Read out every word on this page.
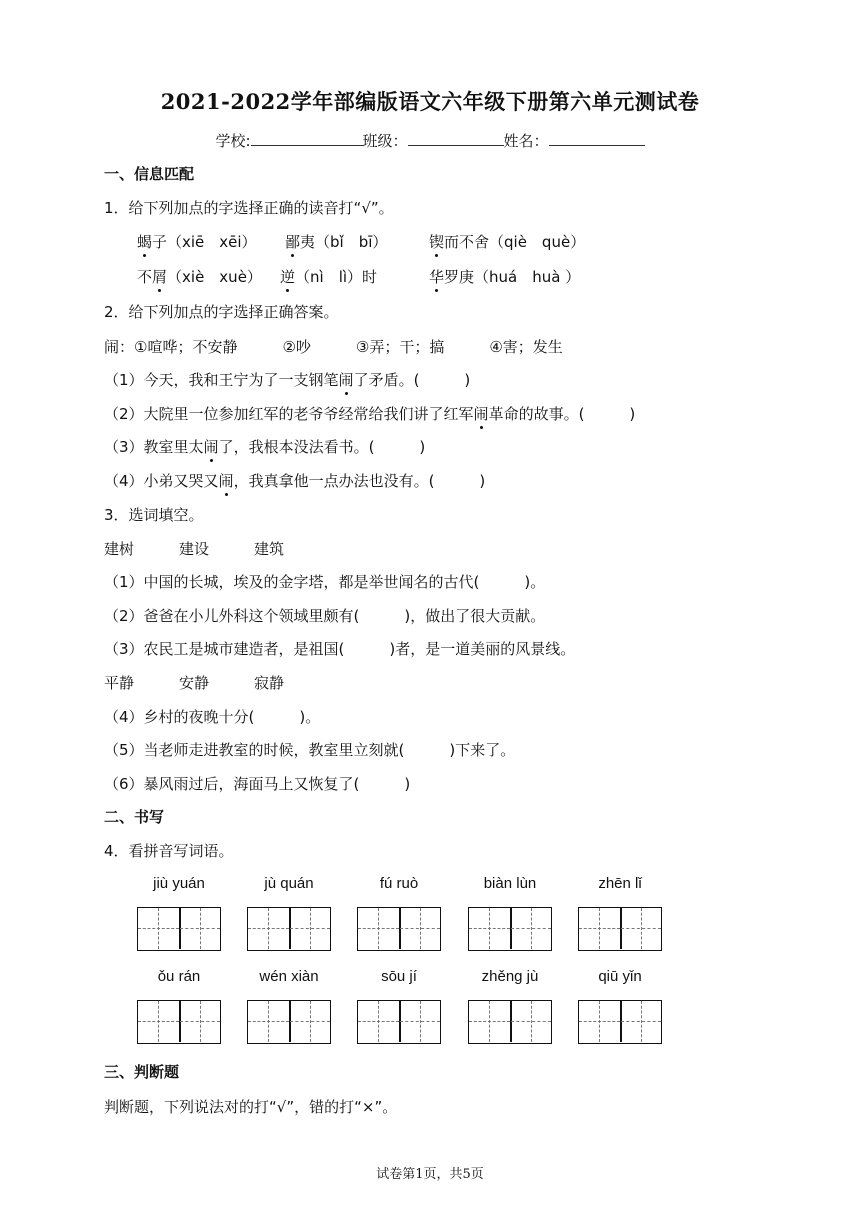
2021-2022学年部编版语文六年级下册第六单元测试卷
学校:	班级：	姓名：
一、信息匹配
1．给下列加点的字选择正确的读音打“√”。
蝎子（xiē　xēi） 鄙夷（bǐ　bī）	锲而不舍（qiè　què）
不屑（xiè　xuè） 逆（nì　lì）时	华罗庚（huá　huà ）
2．给下列加点的字选择正确答案。
闹：①喧哗；不安静　　　②吵　　　③弄；干；搞　　　④害；发生
（1）今天，我和王宁为了一支钢笔闹了矛盾。(　　　)
（2）大院里一位参加红军的老爷爷经常给我们讲了红军闹革命的故事。(　　　)
（3）教室里太闹了，我根本没法看书。(　　　)
（4）小弟又哭又闹，我真拿他一点办法也没有。(　　　)
3．选词填空。
建树　　　建设　　　建筑
（1）中国的长城，埃及的金字塔，都是举世闻名的古代(　　　)。
（2）爸爸在小儿外科这个领域里颇有(　　　)，做出了很大贡献。
（3）农民工是城市建造者，是祖国(　　　)者，是一道美丽的风景线。
平静　　　安静　　　寂静
（4）乡村的夜晚十分(　　　)。
（5）当老师走进教室的时候，教室里立刻就(　　　)下来了。
（6）暴风雨过后，海面马上又恢复了(　　　)
二、书写
4．看拼音写词语。
jiù yuán	jù quán	fú ruò	biàn lùn	zhēn lǐ
ǒu rán	wén xiàn	sōu jí	zhěng jù	qiū yǐn
三、判断题
判断题，下列说法对的打“√”，错的打“×”。
试卷第1页，共5页
